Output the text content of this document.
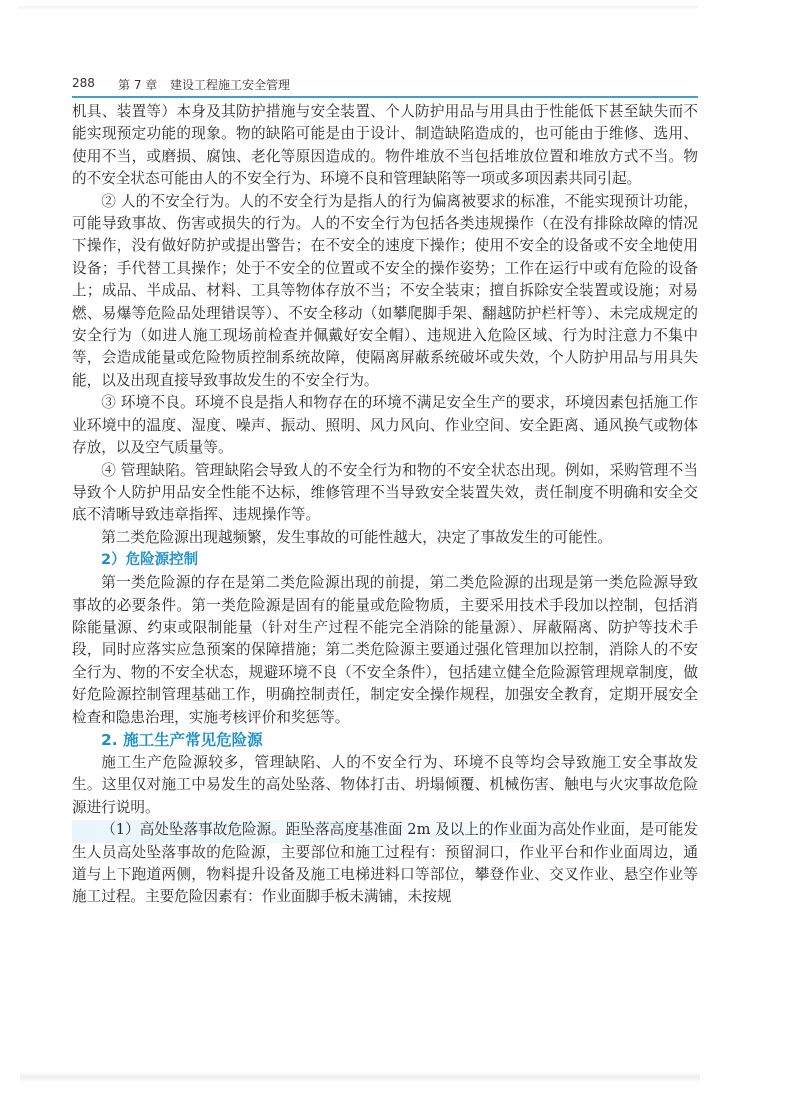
288 第 7 章 建设工程施工安全管理

机具、装置等）本身及其防护措施与安全装置、个人防护用品与用具由于性能低下甚至缺失而不能实现预定功能的现象。物的缺陷可能是由于设计、制造缺陷造成的，也可能由于维修、选用、使用不当，或磨损、腐蚀、老化等原因造成的。物件堆放不当包括堆放位置和堆放方式不当。物的不安全状态可能由人的不安全行为、环境不良和管理缺陷等一项或多项因素共同引起。

② 人的不安全行为。人的不安全行为是指人的行为偏离被要求的标准，不能实现预计功能，可能导致事故、伤害或损失的行为。人的不安全行为包括各类违规操作（在没有排除故障的情况下操作，没有做好防护或提出警告；在不安全的速度下操作；使用不安全的设备或不安全地使用设备；手代替工具操作；处于不安全的位置或不安全的操作姿势；工作在运行中或有危险的设备上；成品、半成品、材料、工具等物体存放不当；不安全装束；擅自拆除安全装置或设施；对易燃、易爆等危险品处理错误等）、不安全移动（如攀爬脚手架、翻越防护栏杆等）、未完成规定的安全行为（如进人施工现场前检查并佩戴好安全帽）、违规进入危险区域、行为时注意力不集中等，会造成能量或危险物质控制系统故障，使隔离屏蔽系统破坏或失效，个人防护用品与用具失能，以及出现直接导致事故发生的不安全行为。

③ 环境不良。环境不良是指人和物存在的环境不满足安全生产的要求，环境因素包括施工作业环境中的温度、湿度、噪声、振动、照明、风力风向、作业空间、安全距离、通风换气或物体存放，以及空气质量等。

④ 管理缺陷。管理缺陷会导致人的不安全行为和物的不安全状态出现。例如，采购管理不当导致个人防护用品安全性能不达标，维修管理不当导致安全装置失效，责任制度不明确和安全交底不清晰导致违章指挥、违规操作等。

第二类危险源出现越频繁，发生事故的可能性越大，决定了事故发生的可能性。

2）危险源控制

第一类危险源的存在是第二类危险源出现的前提，第二类危险源的出现是第一类危险源导致事故的必要条件。第一类危险源是固有的能量或危险物质，主要采用技术手段加以控制，包括消除能量源、约束或限制能量（针对生产过程不能完全消除的能量源）、屏蔽隔离、防护等技术手段，同时应落实应急预案的保障措施；第二类危险源主要通过强化管理加以控制，消除人的不安全行为、物的不安全状态，规避环境不良（不安全条件），包括建立健全危险源管理规章制度，做好危险源控制管理基础工作，明确控制责任，制定安全操作规程，加强安全教育，定期开展安全检查和隐患治理，实施考核评价和奖惩等。

2. 施工生产常见危险源

施工生产危险源较多，管理缺陷、人的不安全行为、环境不良等均会导致施工安全事故发生。这里仅对施工中易发生的高处坠落、物体打击、坍塌倾覆、机械伤害、触电与火灾事故危险源进行说明。

（1）高处坠落事故危险源。距坠落高度基准面 2m 及以上的作业面为高处作业面，是可能发生人员高处坠落事故的危险源，主要部位和施工过程有：预留洞口，作业平台和作业面周边，通道与上下跑道两侧，物料提升设备及施工电梯进料口等部位，攀登作业、交叉作业、悬空作业等施工过程。主要危险因素有：作业面脚手板未满铺，未按规
